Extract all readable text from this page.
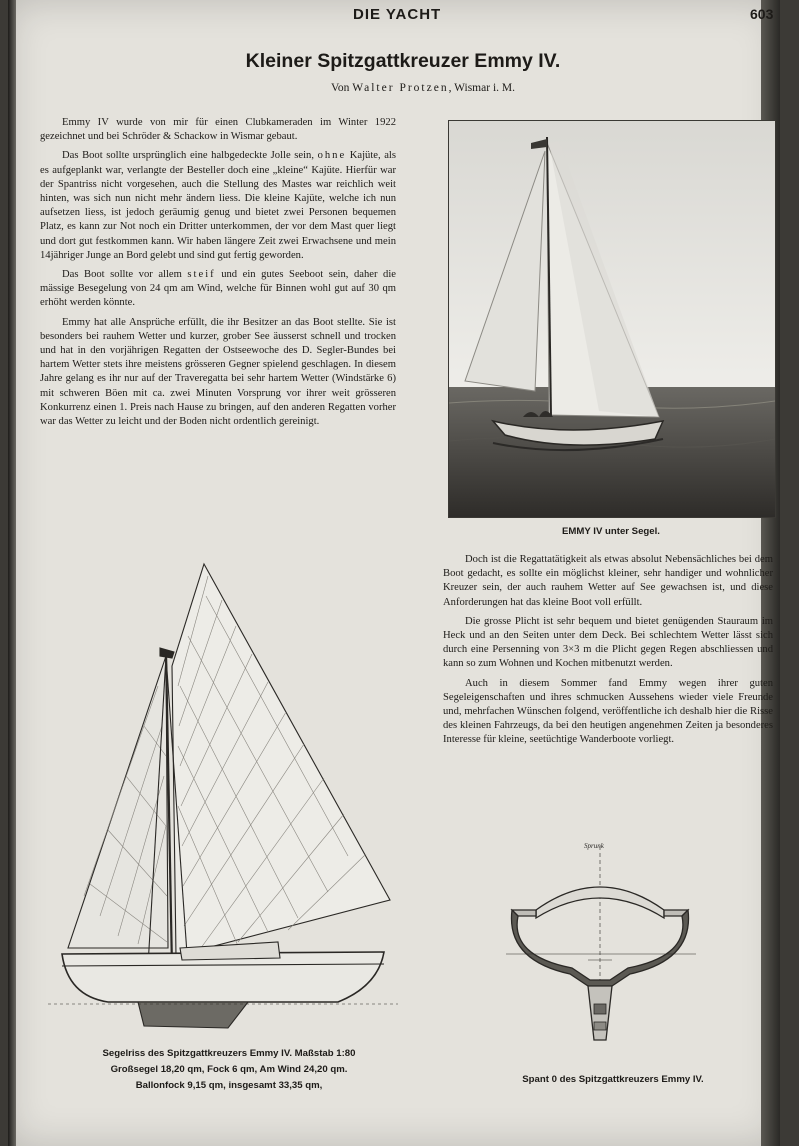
DIE YACHT	603
Kleiner Spitzgattkreuzer Emmy IV.
Von Walter Protzen, Wismar i. M.

Emmy IV wurde von mir für einen Clubkameraden im Winter 1922 gezeichnet und bei Schröder & Schackow in Wismar gebaut.

Das Boot sollte ursprünglich eine halbgedeckte Jolle sein, ohne Kajüte, als es aufgeplankt war, verlangte der Besteller doch eine „kleine“ Kajüte. Hierfür war der Spantriss nicht vorgesehen, auch die Stellung des Mastes war reichlich weit hinten, was sich nun nicht mehr ändern liess. Die kleine Kajüte, welche ich nun aufsetzen liess, ist jedoch geräumig genug und bietet zwei Personen bequemen Platz, es kann zur Not noch ein Dritter unterkommen, der vor dem Mast quer liegt und dort gut festkommen kann. Wir haben längere Zeit zwei Erwachsene und mein 14jähriger Junge an Bord gelebt und sind gut fertig geworden.

Das Boot sollte vor allem steif und ein gutes Seeboot sein, daher die mässige Besegelung von 24 qm am Wind, welche für Binnen wohl gut auf 30 qm erhöht werden könnte.

Emmy hat alle Ansprüche erfüllt, die ihr Besitzer an das Boot stellte. Sie ist besonders bei rauhem Wetter und kurzer, grober See äusserst schnell und trocken und hat in den vorjährigen Regatten der Ostseewoche des D. Segler-Bundes bei hartem Wetter stets ihre meistens grösseren Gegner spielend geschlagen. In diesem Jahre gelang es ihr nur auf der Traveregatta bei sehr hartem Wetter (Windstärke 6) mit schweren Böen mit ca. zwei Minuten Vorsprung vor ihrer weit grösseren Konkurrenz einen 1. Preis nach Hause zu bringen, auf den anderen Regatten vorher war das Wetter zu leicht und der Boden nicht ordentlich gereinigt.

EMMY IV unter Segel.

Doch ist die Regattatätigkeit als etwas absolut Nebensächliches bei dem Boot gedacht, es sollte ein möglichst kleiner, sehr handiger und wohnlicher Kreuzer sein, der auch rauhem Wetter auf See gewachsen ist, und diese Anforderungen hat das kleine Boot voll erfüllt.

Die grosse Plicht ist sehr bequem und bietet genügenden Stauraum im Heck und an den Seiten unter dem Deck. Bei schlechtem Wetter lässt sich durch eine Persenning von 3×3 m die Plicht gegen Regen abschliessen und kann so zum Wohnen und Kochen mitbenutzt werden.

Auch in diesem Sommer fand Emmy wegen ihrer guten Segeleigenschaften und ihres schmucken Aussehens wieder viele Freunde und, mehrfachen Wünschen folgend, veröffentliche ich deshalb hier die Risse des kleinen Fahrzeugs, da bei den heutigen angenehmen Zeiten ja besonderes Interesse für kleine, seetüchtige Wanderboote vorliegt.

Segelriss des Spitzgattkreuzers Emmy IV. Maßstab 1:80
Großsegel 18,20 qm, Fock 6 qm, Am Wind 24,20 qm.
Ballonfock 9,15 qm, insgesamt 33,35 qm,
Sprunk
Spant 0 des Spitzgattkreuzers Emmy IV.
